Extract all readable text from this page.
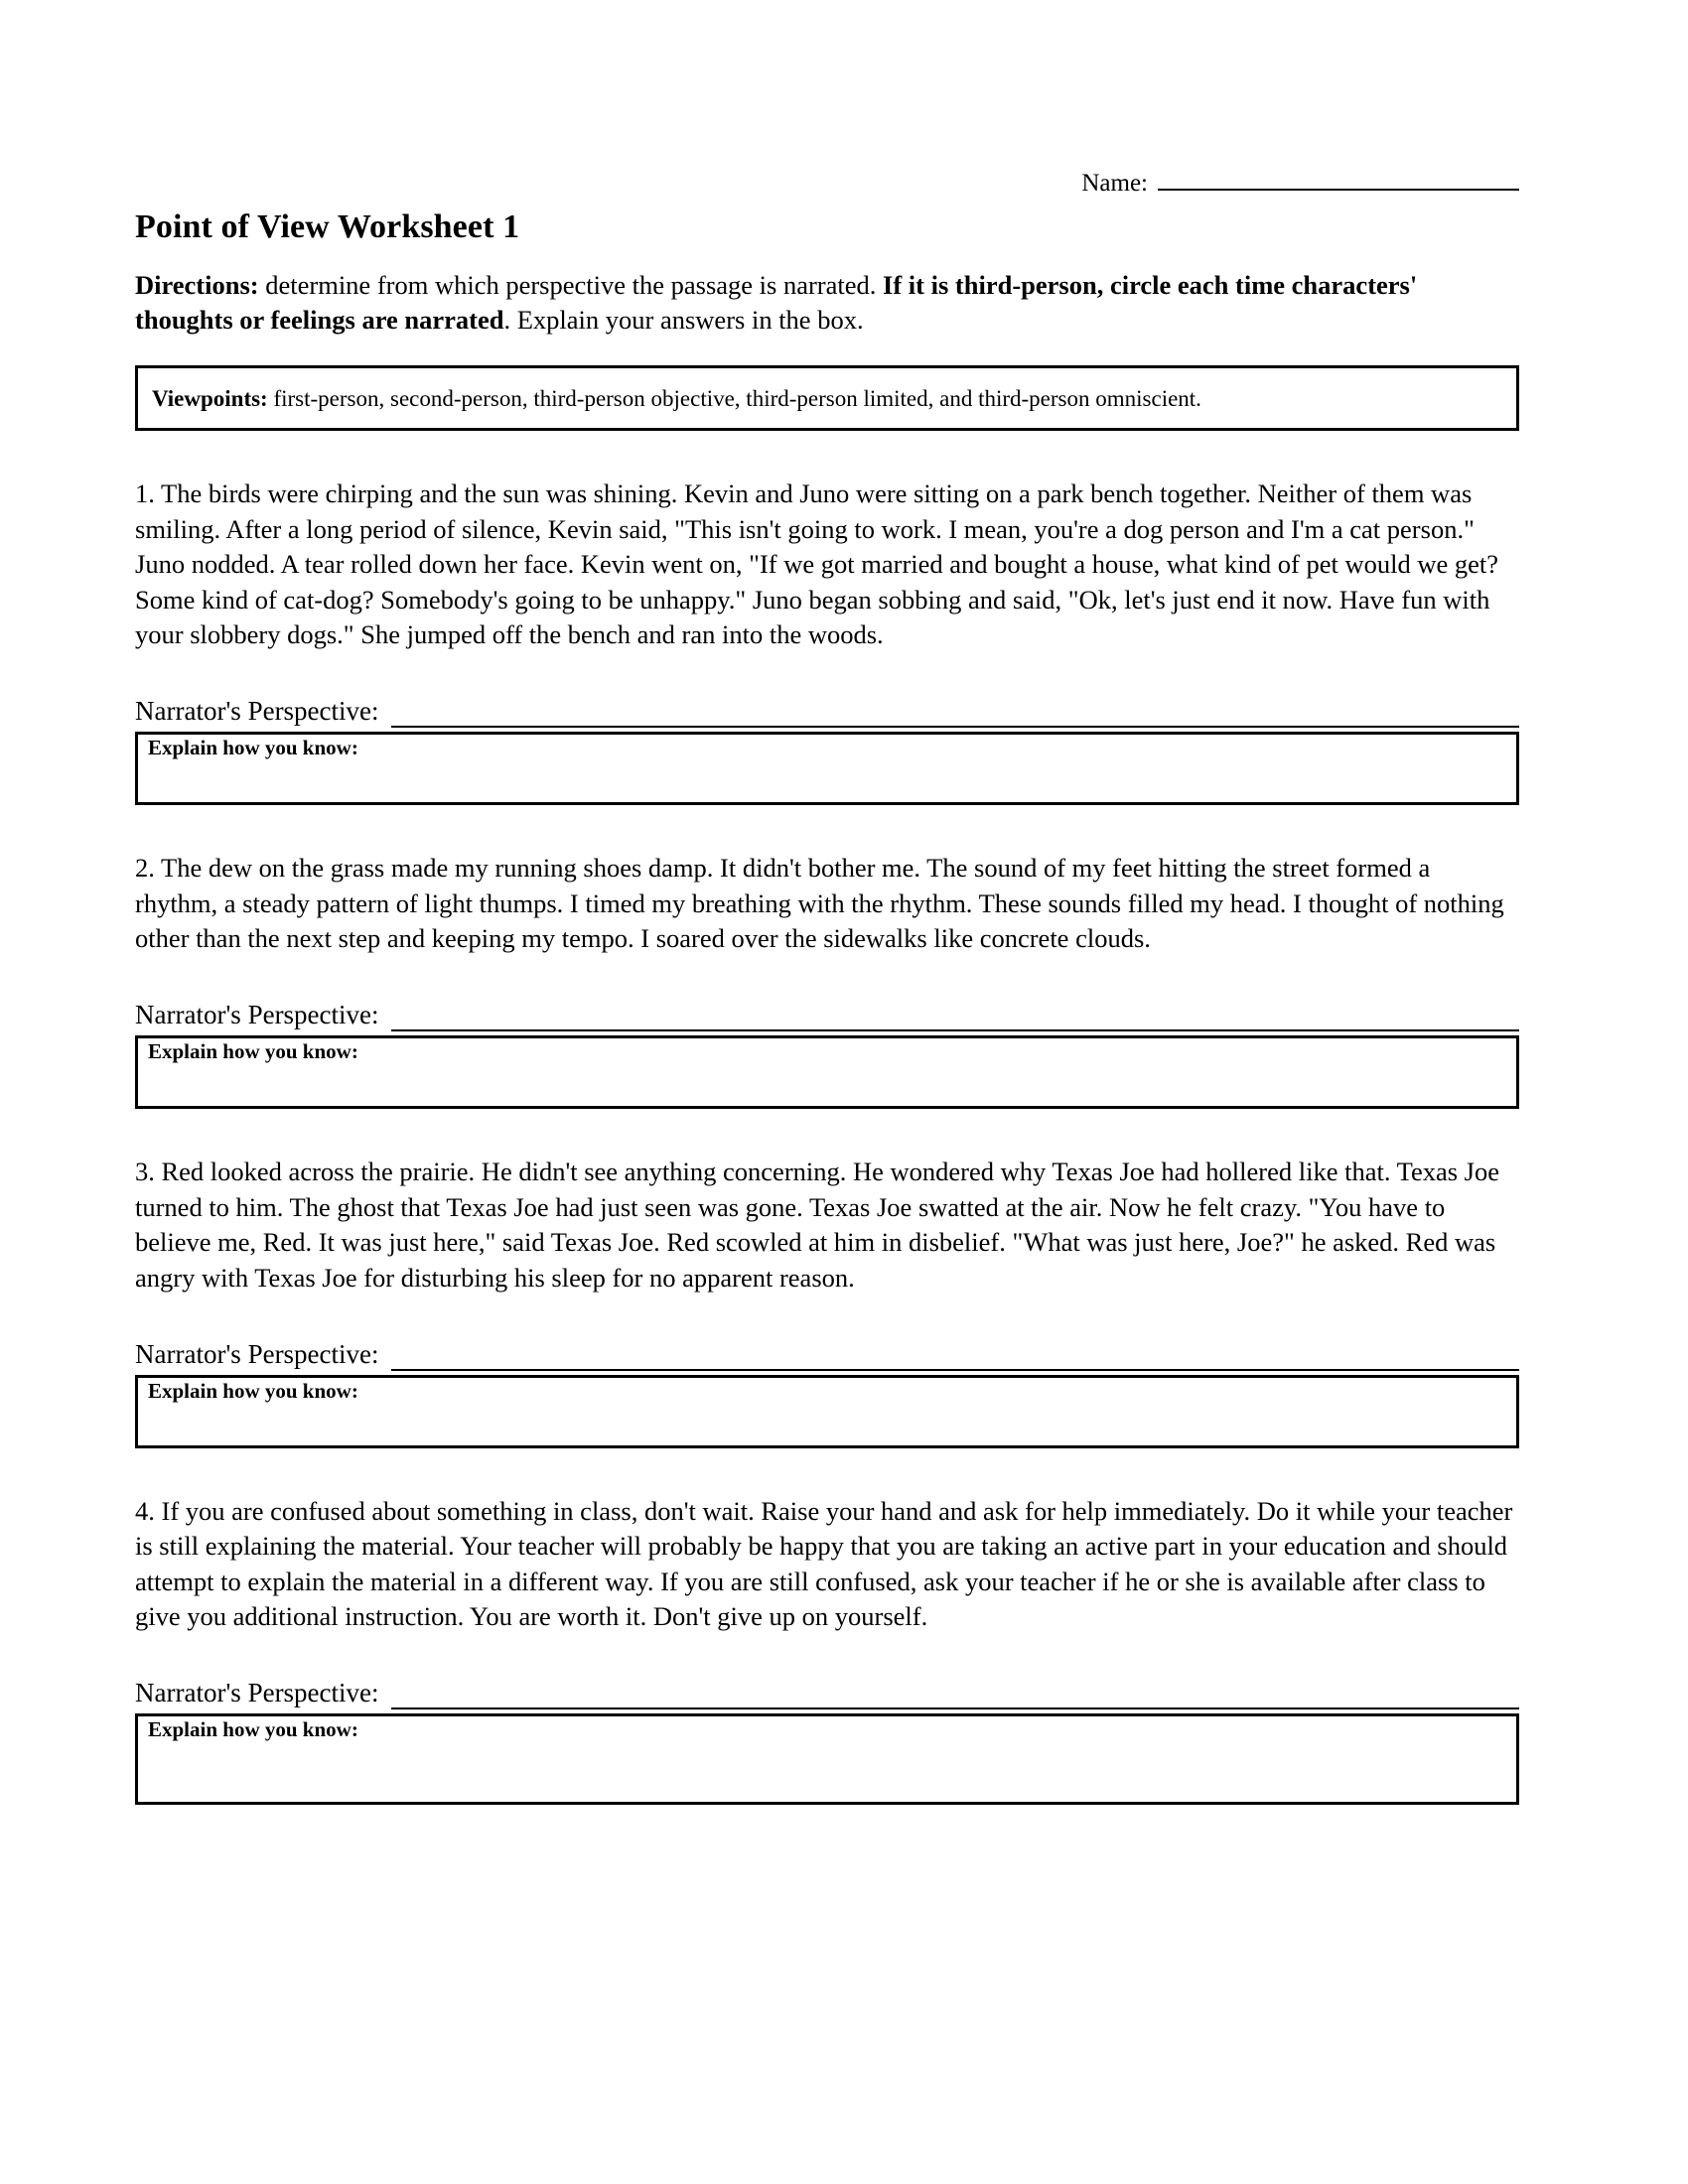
Name:
Point of View Worksheet 1
Directions: determine from which perspective the passage is narrated. If it is third-person, circle each time characters' thoughts or feelings are narrated. Explain your answers in the box.
Viewpoints: first-person, second-person, third-person objective, third-person limited, and third-person omniscient.
1. The birds were chirping and the sun was shining. Kevin and Juno were sitting on a park bench together. Neither of them was smiling. After a long period of silence, Kevin said, "This isn't going to work. I mean, you're a dog person and I'm a cat person." Juno nodded. A tear rolled down her face. Kevin went on, "If we got married and bought a house, what kind of pet would we get? Some kind of cat-dog? Somebody's going to be unhappy." Juno began sobbing and said, "Ok, let's just end it now. Have fun with your slobbery dogs." She jumped off the bench and ran into the woods.
Narrator's Perspective:
Explain how you know:
2. The dew on the grass made my running shoes damp. It didn't bother me. The sound of my feet hitting the street formed a rhythm, a steady pattern of light thumps. I timed my breathing with the rhythm. These sounds filled my head. I thought of nothing other than the next step and keeping my tempo. I soared over the sidewalks like concrete clouds.
Narrator's Perspective:
Explain how you know:
3. Red looked across the prairie. He didn't see anything concerning. He wondered why Texas Joe had hollered like that. Texas Joe turned to him. The ghost that Texas Joe had just seen was gone. Texas Joe swatted at the air. Now he felt crazy. "You have to believe me, Red. It was just here," said Texas Joe. Red scowled at him in disbelief. "What was just here, Joe?" he asked. Red was angry with Texas Joe for disturbing his sleep for no apparent reason.
Narrator's Perspective:
Explain how you know:
4. If you are confused about something in class, don't wait. Raise your hand and ask for help immediately. Do it while your teacher is still explaining the material. Your teacher will probably be happy that you are taking an active part in your education and should attempt to explain the material in a different way. If you are still confused, ask your teacher if he or she is available after class to give you additional instruction. You are worth it. Don't give up on yourself.
Narrator's Perspective:
Explain how you know:
